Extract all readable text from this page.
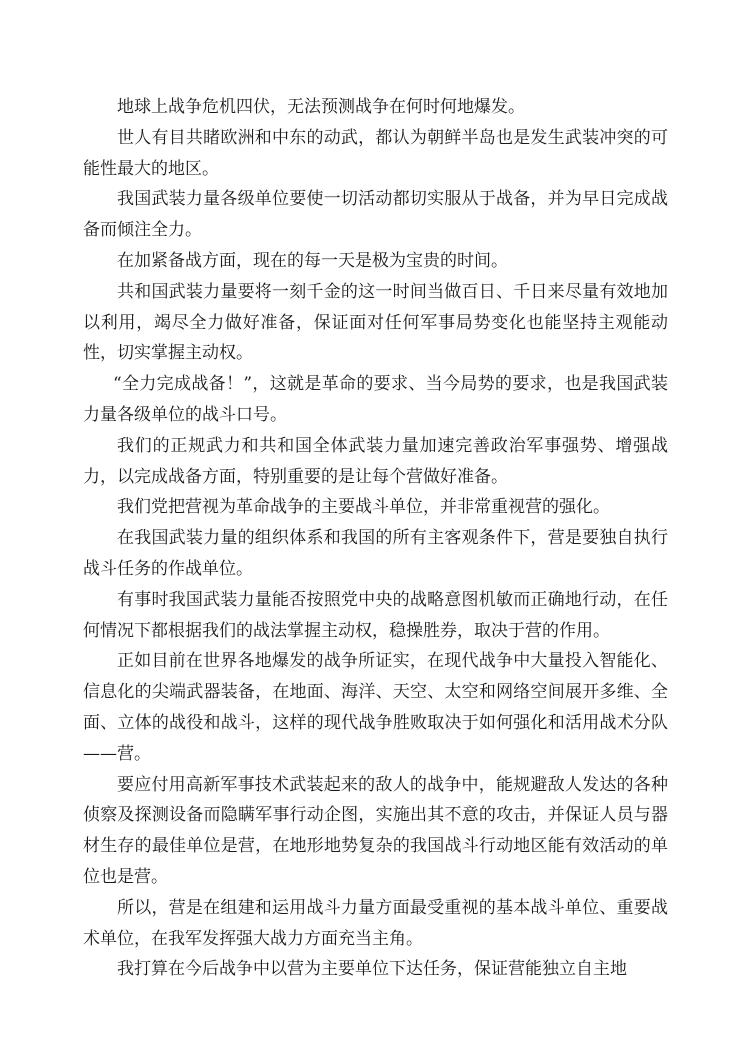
地球上战争危机四伏，无法预测战争在何时何地爆发。

世人有目共睹欧洲和中东的动武，都认为朝鲜半岛也是发生武装冲突的可能性最大的地区。

我国武装力量各级单位要使一切活动都切实服从于战备，并为早日完成战备而倾注全力。

在加紧备战方面，现在的每一天是极为宝贵的时间。

共和国武装力量要将一刻千金的这一时间当做百日、千日来尽量有效地加以利用，竭尽全力做好准备，保证面对任何军事局势变化也能坚持主观能动性，切实掌握主动权。

“全力完成战备！”，这就是革命的要求、当今局势的要求，也是我国武装力量各级单位的战斗口号。

我们的正规武力和共和国全体武装力量加速完善政治军事强势、增强战力，以完成战备方面，特别重要的是让每个营做好准备。

我们党把营视为革命战争的主要战斗单位，并非常重视营的强化。

在我国武装力量的组织体系和我国的所有主客观条件下，营是要独自执行战斗任务的作战单位。

有事时我国武装力量能否按照党中央的战略意图机敏而正确地行动，在任何情况下都根据我们的战法掌握主动权，稳操胜券，取决于营的作用。

正如目前在世界各地爆发的战争所证实，在现代战争中大量投入智能化、信息化的尖端武器装备，在地面、海洋、天空、太空和网络空间展开多维、全面、立体的战役和战斗，这样的现代战争胜败取决于如何强化和活用战术分队——营。

要应付用高新军事技术武装起来的敌人的战争中，能规避敌人发达的各种侦察及探测设备而隐瞒军事行动企图，实施出其不意的攻击，并保证人员与器材生存的最佳单位是营，在地形地势复杂的我国战斗行动地区能有效活动的单位也是营。

所以，营是在组建和运用战斗力量方面最受重视的基本战斗单位、重要战术单位，在我军发挥强大战力方面充当主角。

我打算在今后战争中以营为主要单位下达任务，保证营能独立自主地
